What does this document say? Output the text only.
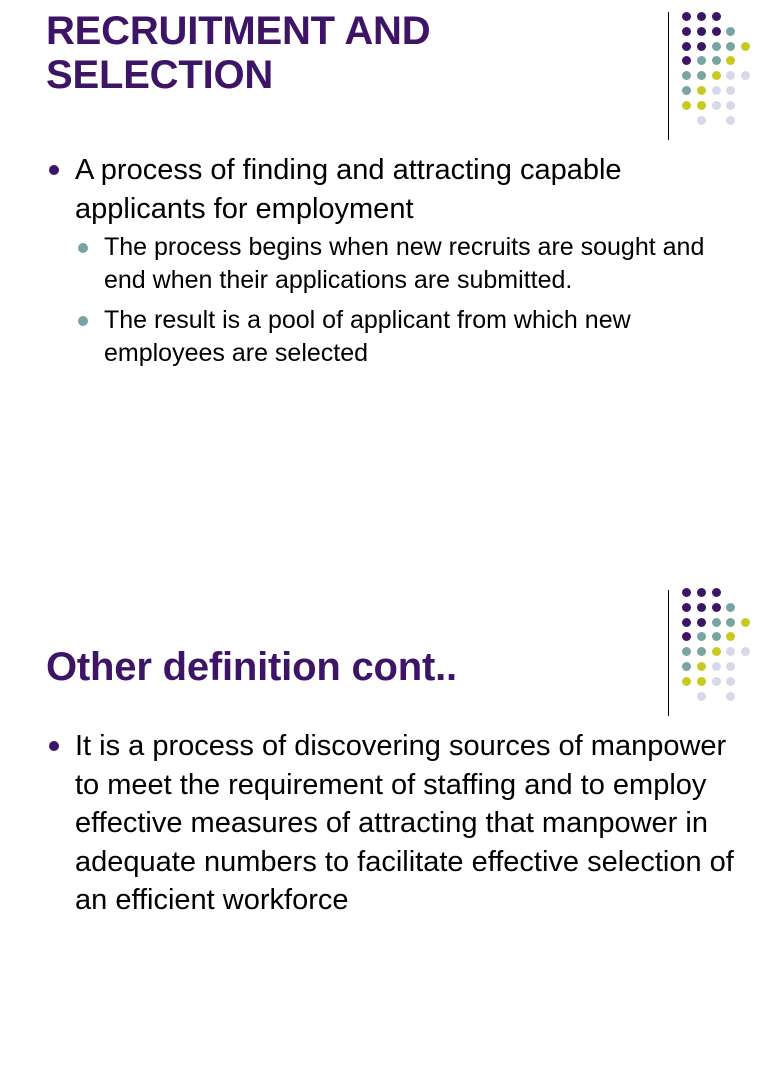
RECRUITMENT AND SELECTION
A process of finding and attracting capable applicants for employment
The process begins when new recruits are sought and end when their applications are submitted.
The result is a pool of applicant from which new employees are selected
Other definition cont..
It is a process of discovering sources of manpower to meet the requirement of staffing and to employ effective measures of attracting that manpower in adequate numbers to facilitate effective selection of an efficient workforce
